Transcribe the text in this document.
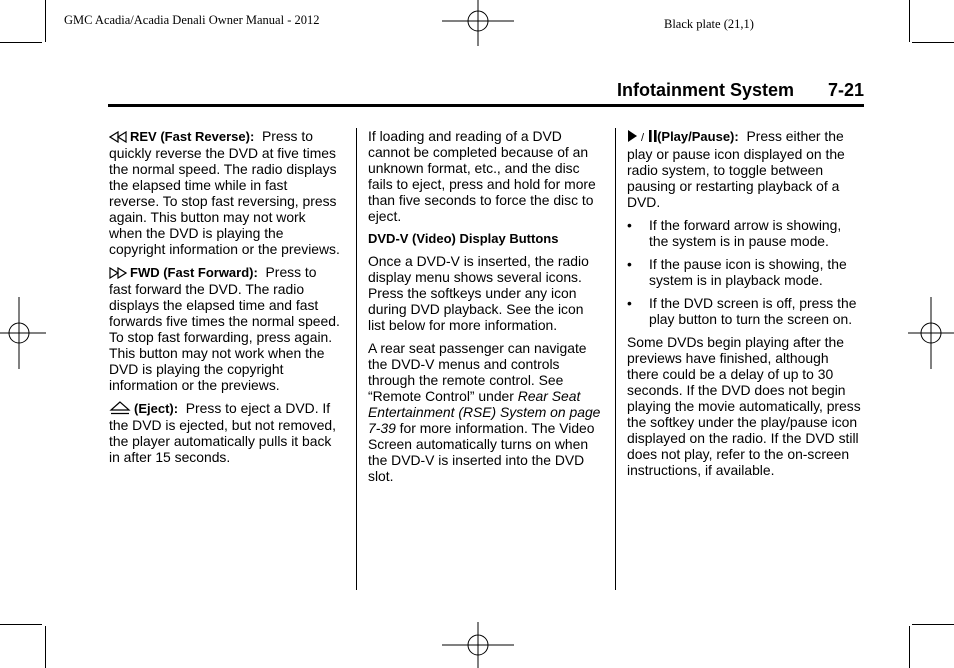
GMC Acadia/Acadia Denali Owner Manual - 2012	Black plate (21,1)
Infotainment System 7-21

REV (Fast Reverse): Press to quickly reverse the DVD at five times the normal speed. The radio displays the elapsed time while in fast reverse. To stop fast reversing, press again. This button may not work when the DVD is playing the copyright information or the previews.

FWD (Fast Forward): Press to fast forward the DVD. The radio displays the elapsed time and fast forwards five times the normal speed. To stop fast forwarding, press again. This button may not work when the DVD is playing the copyright information or the previews.

(Eject): Press to eject a DVD. If the DVD is ejected, but not removed, the player automatically pulls it back in after 15 seconds.

If loading and reading of a DVD cannot be completed because of an unknown format, etc., and the disc fails to eject, press and hold for more than five seconds to force the disc to eject.

DVD-V (Video) Display Buttons

Once a DVD-V is inserted, the radio display menu shows several icons. Press the softkeys under any icon during DVD playback. See the icon list below for more information.

A rear seat passenger can navigate the DVD-V menus and controls through the remote control. See “Remote Control” under Rear Seat Entertainment (RSE) System on page 7-39 for more information. The Video Screen automatically turns on when the DVD-V is inserted into the DVD slot.

/ (Play/Pause): Press either the play or pause icon displayed on the radio system, to toggle between pausing or restarting playback of a DVD.

• If the forward arrow is showing, the system is in pause mode.
• If the pause icon is showing, the system is in playback mode.
• If the DVD screen is off, press the play button to turn the screen on.

Some DVDs begin playing after the previews have finished, although there could be a delay of up to 30 seconds. If the DVD does not begin playing the movie automatically, press the softkey under the play/pause icon displayed on the radio. If the DVD still does not play, refer to the on-screen instructions, if available.
